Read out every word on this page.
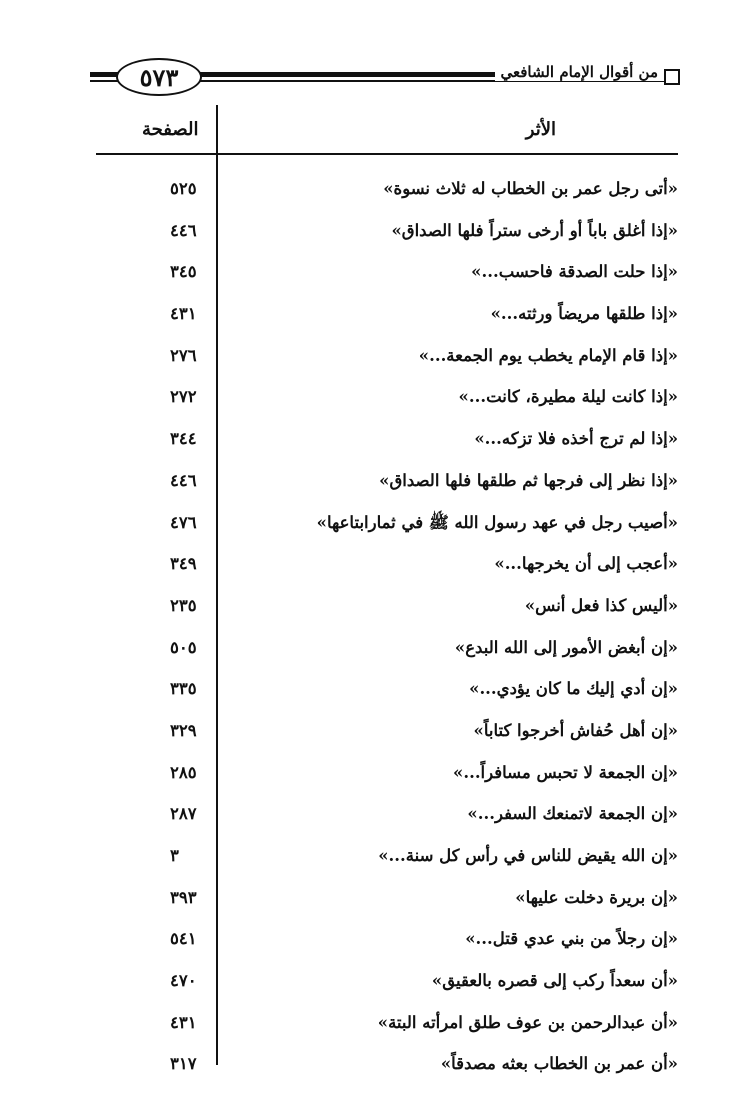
٥٧٣	من أقوال الإمام الشافعي
الأثر
الصفحة
«أتى رجل عمر بن الخطاب له ثلاث نسوة»
٥٢٥
«إذا أغلق باباً أو أرخى ستراً فلها الصداق»
٤٤٦
«إذا حلت الصدقة فاحسب...»
٣٤٥
«إذا طلقها مريضاً ورثته...»
٤٣١
«إذا قام الإمام يخطب يوم الجمعة...»
٢٧٦
«إذا كانت ليلة مطيرة، كانت...»
٢٧٢
«إذا لم ترج أخذه فلا تزكه...»
٣٤٤
«إذا نظر إلى فرجها ثم طلقها فلها الصداق»
٤٤٦
«أصيب رجل في عهد رسول الله ﷺ في ثمارابتاعها»
٤٧٦
«أعجب إلى أن يخرجها...»
٣٤٩
«أليس كذا فعل أنس»
٢٣٥
«إن أبغض الأمور إلى الله البدع»
٥٠٥
«إن أدي إليك ما كان يؤدي...»
٣٣٥
«إن أهل حُفاش أخرجوا كتاباً»
٣٢٩
«إن الجمعة لا تحبس مسافراً...»
٢٨٥
«إن الجمعة لاتمنعك السفر...»
٢٨٧
«إن الله يقيض للناس في رأس كل سنة...»
٣
«إن بريرة دخلت عليها»
٣٩٣
«إن رجلاً من بني عدي قتل...»
٥٤١
«أن سعداً ركب إلى قصره بالعقيق»
٤٧٠
«أن عبدالرحمن بن عوف طلق امرأته البتة»
٤٣١
«أن عمر بن الخطاب بعثه مصدقاً»
٣١٧
